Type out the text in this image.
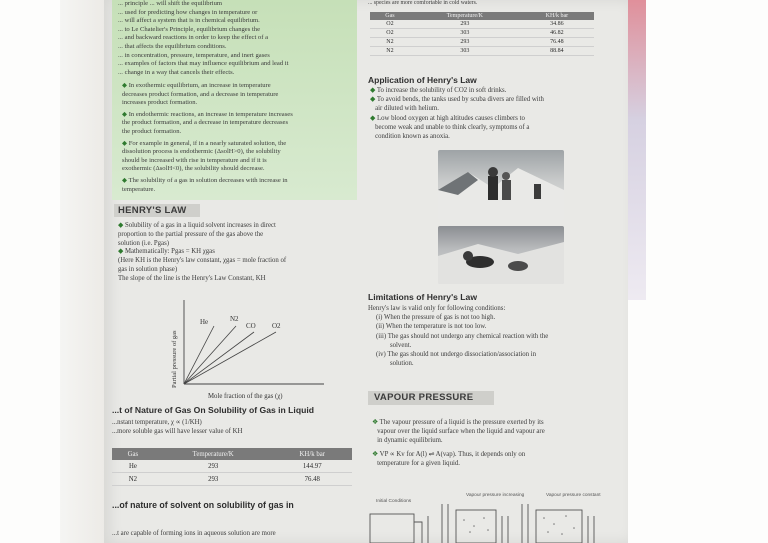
... principle ... will shift the equilibrium
... used for predicting how changes in temperature or
... will affect a system that is in chemical equilibrium.
... to Le Chatelier's Principle, equilibrium changes the
... and backward reactions in order to keep the effect of a
... that affects the equilibrium conditions.
... in concentration, pressure, temperature, and inert gases
... examples of factors that may influence equilibrium and lead it
... change in a way that cancels their effects.
◆ In exothermic equilibrium, an increase in temperature
decreases product formation, and a decrease in temperature
increases product formation.
◆ In endothermic reactions, an increase in temperature increases
the product formation, and a decrease in temperature decreases
the product formation.
◆ For example in general, if in a nearly saturated solution, the
dissolution process is endothermic (ΔsolH>0), the solubility
should be increased with rise in temperature and if it is
exothermic (ΔsolH<0), the solubility should decrease.
◆ The solubility of a gas in solution decreases with increase in
temperature.
HENRY'S LAW
◆ Solubility of a gas in a liquid solvent increases in direct
proportion to the partial pressure of the gas above the
solution (i.e. Pgas)
◆ Mathematically: Pgas = KH χgas
(Here KH is the Henry's law constant, χgas = mole fraction of
gas in solution phase)
The slope of the line is the Henry's Law Constant, KH
He	N2
CO O2
Partial pressure of gas
Mole fraction of the gas (χ)
...t of Nature of Gas On Solubility of Gas in Liquid
...nstant temperature, χ ∝ (1/KH)
...more soluble gas will have lesser value of KH
Gas	Temperature/K	KH/k bar
He	293	144.97
N2	293	76.48
...of nature of solvent on solubility of gas in
...t are capable of forming ions in aqueous solution are more
... species are more comfortable in cold waters.
Gas	Temperature/K	KH/k bar
O2	293	34.86
O2	303	46.82
N2	293	76.48
N2	303	88.84
Application of Henry's Law
◆ To increase the solubility of CO2 in soft drinks.
◆ To avoid bends, the tanks used by scuba divers are filled with
air diluted with helium.
◆ Low blood oxygen at high altitudes causes climbers to
become weak and unable to think clearly, symptoms of a
condition known as anoxia.
Limitations of Henry's Law
Henry's law is valid only for following conditions:
(i) When the pressure of gas is not too high.
(ii) When the temperature is not too low.
(iii) The gas should not undergo any chemical reaction with the
solvent.
(iv) The gas should not undergo dissociation/association in
solution.
VAPOUR PRESSURE
❖ The vapour pressure of a liquid is the pressure exerted by its
vapour over the liquid surface when the liquid and vapour are
in dynamic equilibrium.
❖ VP ∝ Kv for A(l) ⇌ A(vap). Thus, it depends only on
temperature for a given liquid.
Initial Conditions
Vapour pressure increasing	Vapour pressure constant
